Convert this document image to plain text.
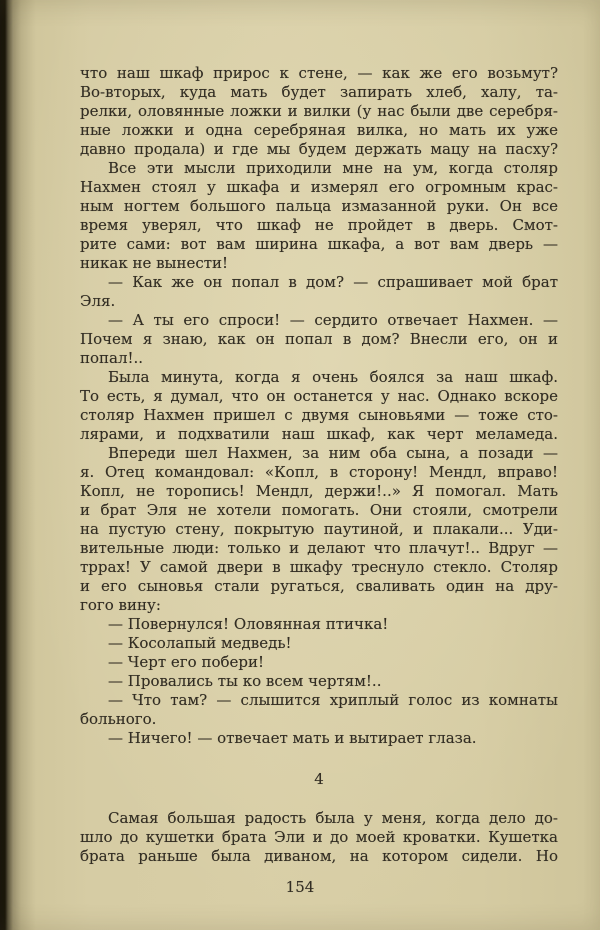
что наш шкаф прирос к стене, — как же его возьмут?
Во-вторых, куда мать будет запирать хлеб, халу, та-
релки, оловянные ложки и вилки (у нас были две серебря-
ные ложки и одна серебряная вилка, но мать их уже
давно продала) и где мы будем держать мацу на пасху?
Все эти мысли приходили мне на ум, когда столяр
Нахмен стоял у шкафа и измерял его огромным крас-
ным ногтем большого пальца измазанной руки. Он все
время уверял, что шкаф не пройдет в дверь. Смот-
рите сами: вот вам ширина шкафа, а вот вам дверь —
никак не вынести!
— Как же он попал в дом? — спрашивает мой брат
Эля.
— А ты его спроси! — сердито отвечает Нахмен. —
Почем я знаю, как он попал в дом? Внесли его, он и
попал!..
Была минута, когда я очень боялся за наш шкаф.
То есть, я думал, что он останется у нас. Однако вскоре
столяр Нахмен пришел с двумя сыновьями — тоже сто-
лярами, и подхватили наш шкаф, как черт меламеда.
Впереди шел Нахмен, за ним оба сына, а позади —
я. Отец командовал: «Копл, в сторону! Мендл, вправо!
Копл, не торопись! Мендл, держи!..» Я помогал. Мать
и брат Эля не хотели помогать. Они стояли, смотрели
на пустую стену, покрытую паутиной, и плакали... Уди-
вительные люди: только и делают что плачут!.. Вдруг —
тррах! У самой двери в шкафу треснуло стекло. Столяр
и его сыновья стали ругаться, сваливать один на дру-
гого вину:
— Повернулся! Оловянная птичка!
— Косолапый медведь!
— Черт его побери!
— Провались ты ко всем чертям!..
— Что там? — слышится хриплый голос из комнаты
больного.
— Ничего! — отвечает мать и вытирает глаза.
4
Самая большая радость была у меня, когда дело до-
шло до кушетки брата Эли и до моей кроватки. Кушетка
брата раньше была диваном, на котором сидели. Но
154
